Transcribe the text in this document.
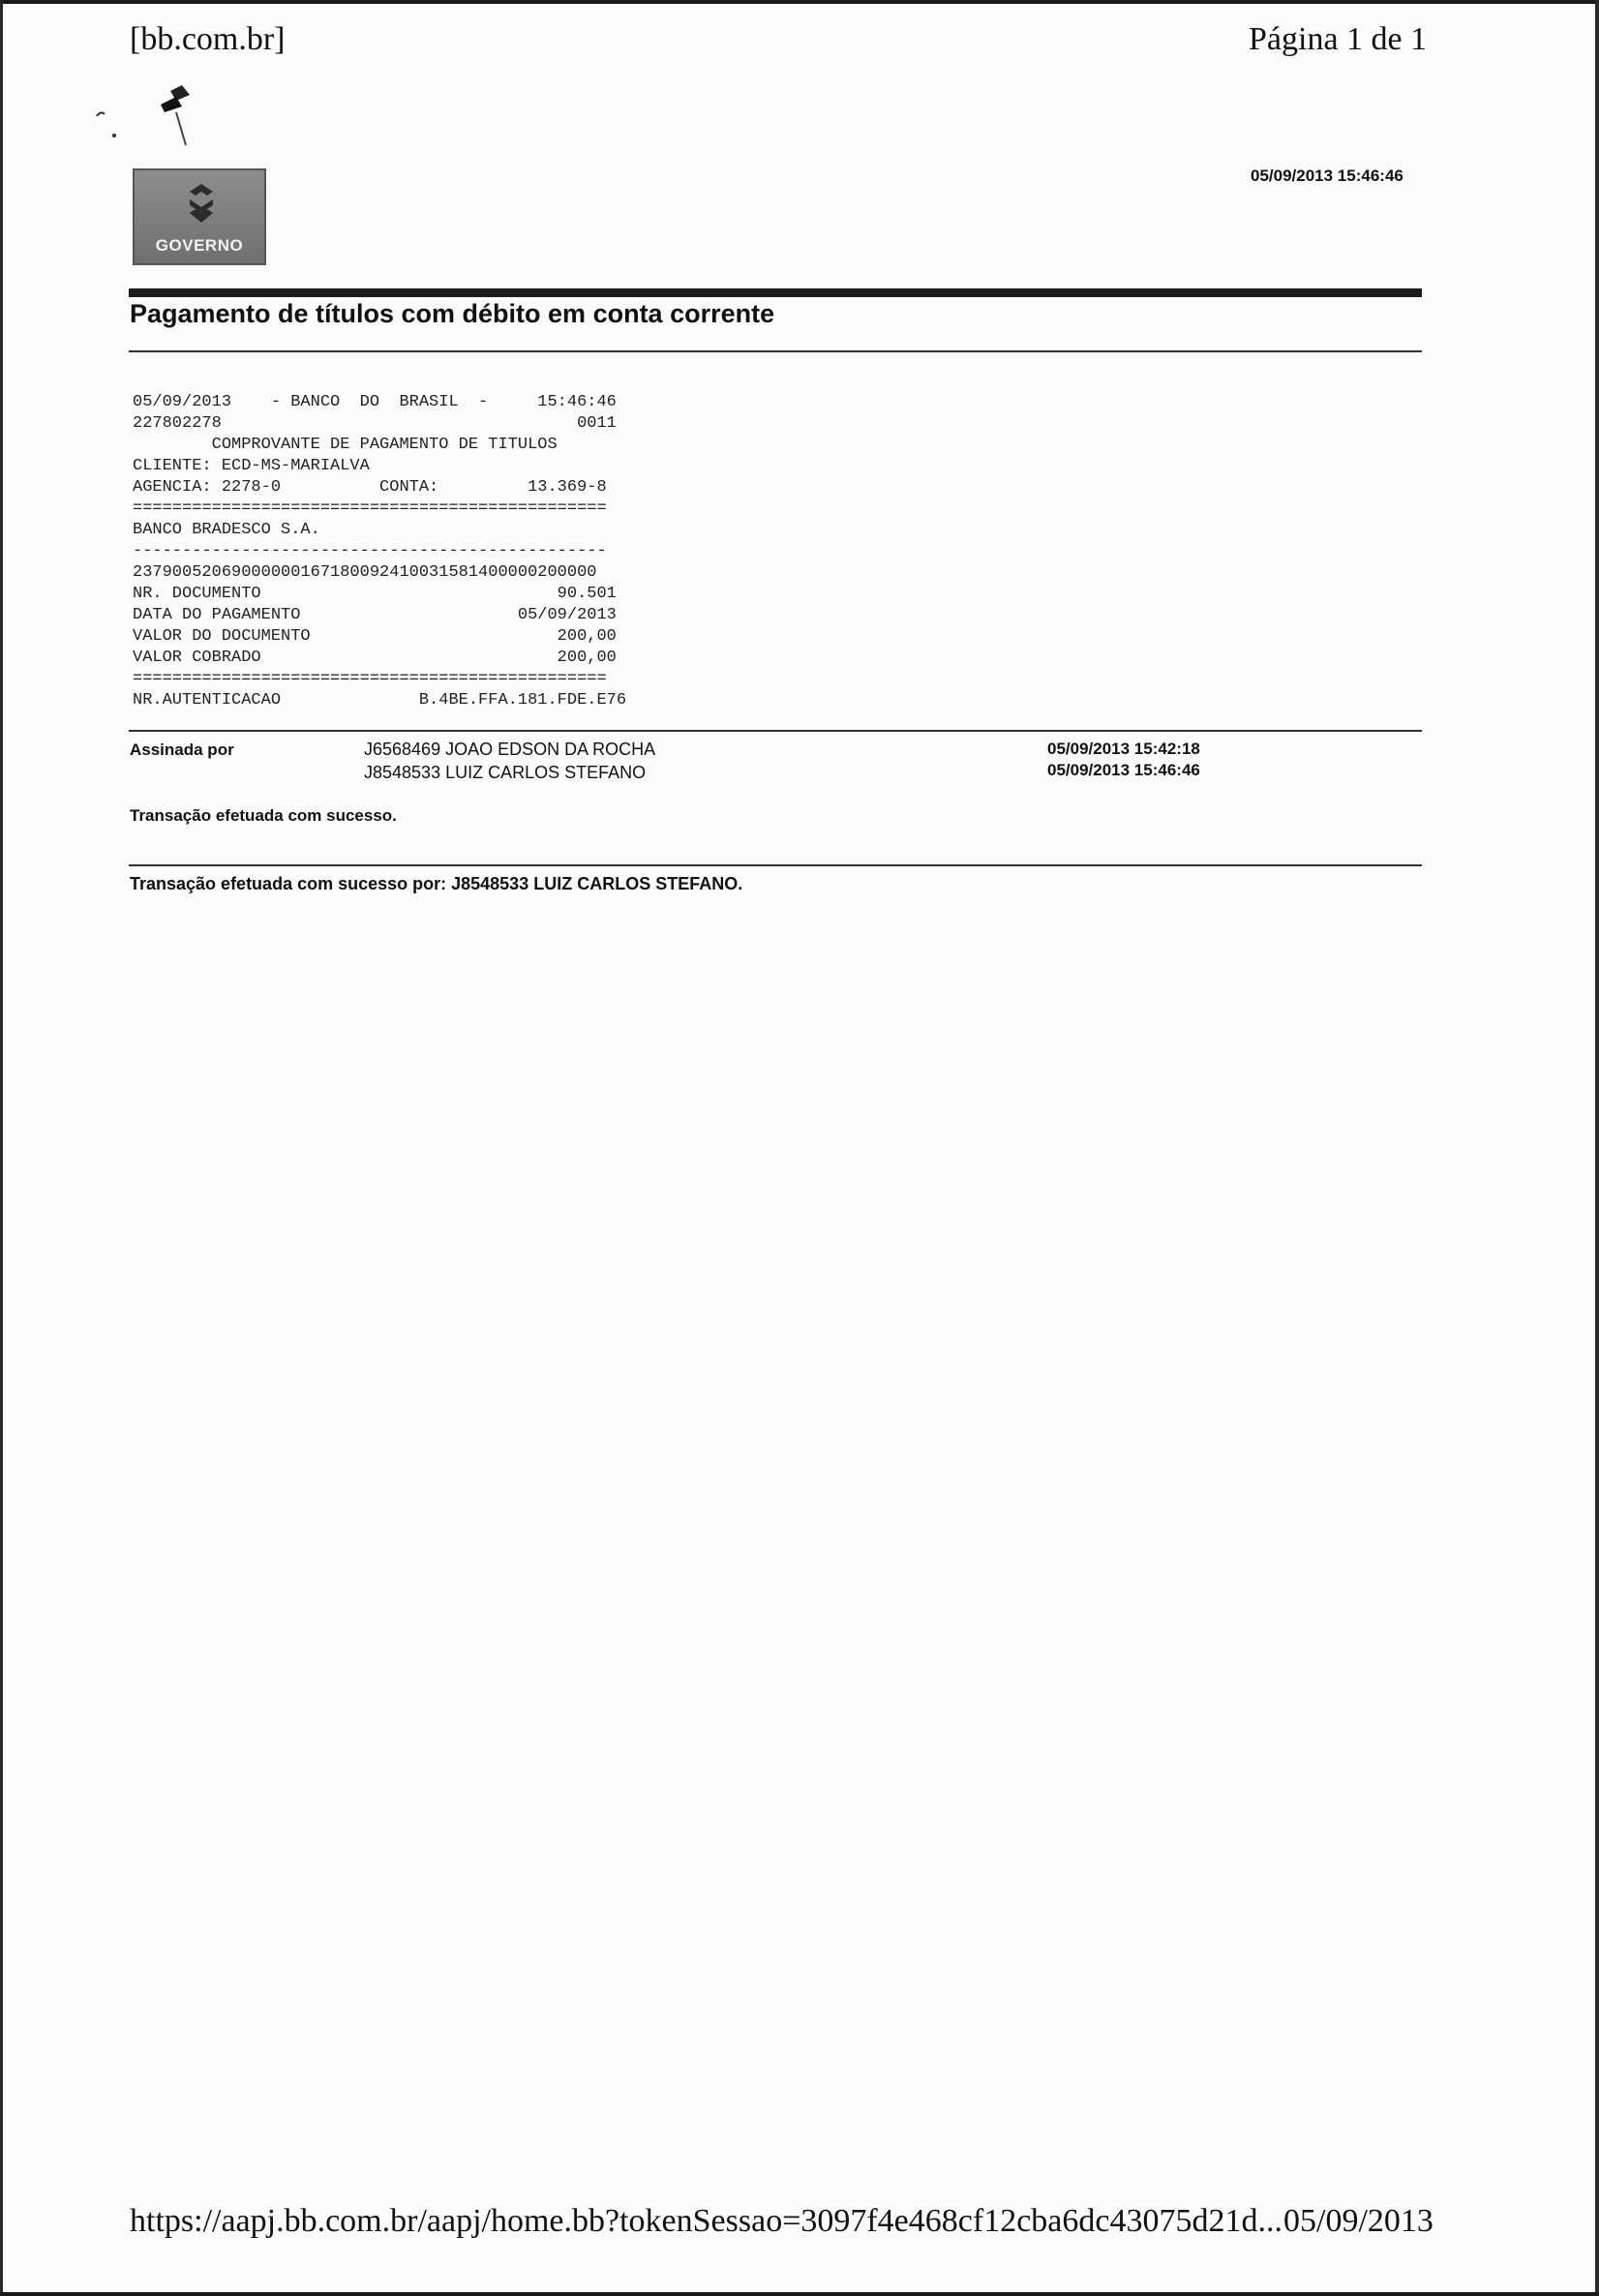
[bb.com.br]	Página 1 de 1
GOVERNO
05/09/2013 15:46:46
Pagamento de títulos com débito em conta corrente
05/09/2013    - BANCO  DO  BRASIL  -     15:46:46
227802278                                    0011
COMPROVANTE DE PAGAMENTO DE TITULOS
CLIENTE: ECD-MS-MARIALVA
AGENCIA: 2278-0          CONTA:         13.369-8
================================================
BANCO BRADESCO S.A.
------------------------------------------------
23790052069000000167180092410031581400000200000
NR. DOCUMENTO                              90.501
DATA DO PAGAMENTO                      05/09/2013
VALOR DO DOCUMENTO                         200,00
VALOR COBRADO                              200,00
================================================
NR.AUTENTICACAO              B.4BE.FFA.181.FDE.E76
Assinada por	J6568469 JOAO EDSON DA ROCHA	05/09/2013 15:42:18
J8548533 LUIZ CARLOS STEFANO	05/09/2013 15:46:46
Transação efetuada com sucesso.
Transação efetuada com sucesso por: J8548533 LUIZ CARLOS STEFANO.
https://aapj.bb.com.br/aapj/home.bb?tokenSessao=3097f4e468cf12cba6dc43075d21d... 05/09/2013
